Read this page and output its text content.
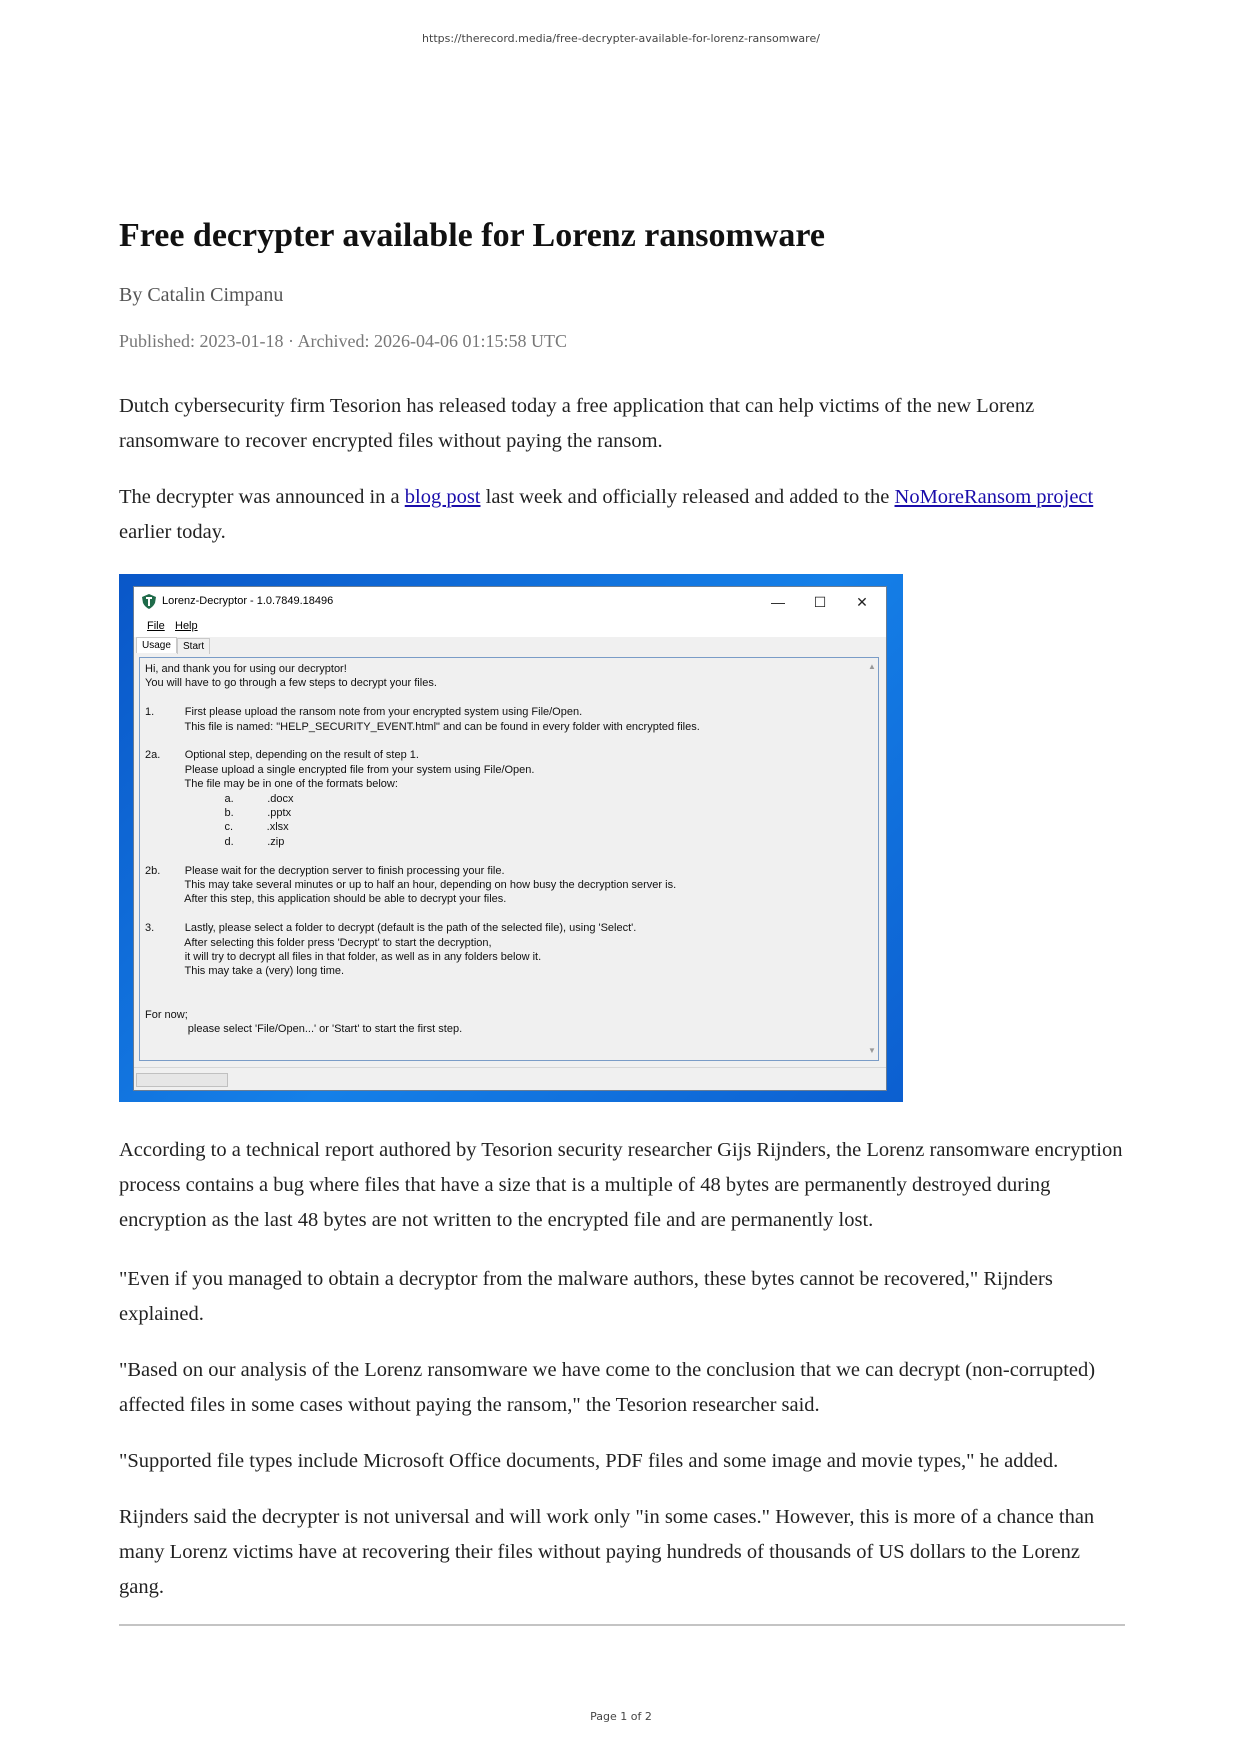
https://therecord.media/free-decrypter-available-for-lorenz-ransomware/
Free decrypter available for Lorenz ransomware
By Catalin Cimpanu
Published: 2023-01-18 · Archived: 2026-04-06 01:15:58 UTC

Dutch cybersecurity firm Tesorion has released today a free application that can help victims of the new Lorenz ransomware to recover encrypted files without paying the ransom.

The decrypter was announced in a blog post last week and officially released and added to the NoMoreRansom project earlier today.

Lorenz-Decryptor - 1.0.7849.18496	—	☐	✕
File Help
Usage	Start
▲
▼
Hi, and thank you for using our decryptor!
You will have to go through a few steps to decrypt your files.
1.          First please upload the ransom note from your encrypted system using File/Open.
This file is named: "HELP_SECURITY_EVENT.html" and can be found in every folder with encrypted files.
2a.        Optional step, depending on the result of step 1.
Please upload a single encrypted file from your system using File/Open.
The file may be in one of the formats below:
a.           .docx
b.           .pptx
c.           .xlsx
d.           .zip
2b.        Please wait for the decryption server to finish processing your file.
This may take several minutes or up to half an hour, depending on how busy the decryption server is.
After this step, this application should be able to decrypt your files.
3.          Lastly, please select a folder to decrypt (default is the path of the selected file), using 'Select'.
After selecting this folder press 'Decrypt' to start the decryption,
it will try to decrypt all files in that folder, as well as in any folders below it.
This may take a (very) long time.
For now;
please select 'File/Open...' or 'Start' to start the first step.

According to a technical report authored by Tesorion security researcher Gijs Rijnders, the Lorenz ransomware encryption process contains a bug where files that have a size that is a multiple of 48 bytes are permanently destroyed during encryption as the last 48 bytes are not written to the encrypted file and are permanently lost.

"Even if you managed to obtain a decryptor from the malware authors, these bytes cannot be recovered," Rijnders explained.

"Based on our analysis of the Lorenz ransomware we have come to the conclusion that we can decrypt (non-corrupted) affected files in some cases without paying the ransom," the Tesorion researcher said.

"Supported file types include Microsoft Office documents, PDF files and some image and movie types," he added.

Rijnders said the decrypter is not universal and will work only "in some cases." However, this is more of a chance than many Lorenz victims have at recovering their files without paying hundreds of thousands of US dollars to the Lorenz gang.

Page 1 of 2
